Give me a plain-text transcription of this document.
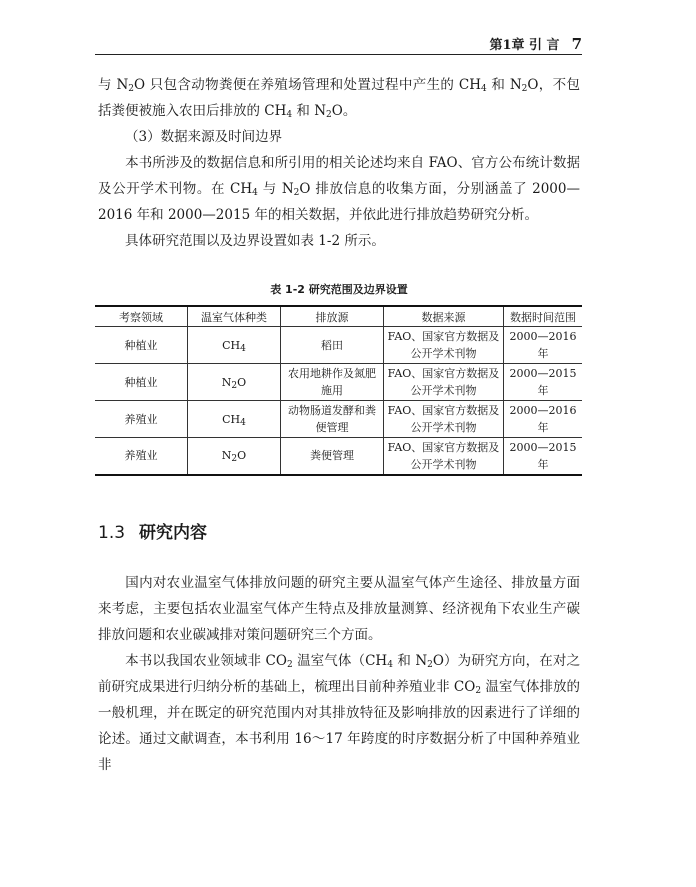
第1章 引 言 7

与 $N_2O$ 只包含动物粪便在养殖场管理和处置过程中产生的 $CH_4$ 和 $N_2O$，不包括粪便被施入农田后排放的 $CH_4$ 和 $N_2O$。

（3）数据来源及时间边界

本书所涉及的数据信息和所引用的相关论述均来自 FAO、官方公布统计数据及公开学术刊物。在 $CH_4$ 与 $N_2O$ 排放信息的收集方面，分别涵盖了 2000—2016 年和 2000—2015 年的相关数据，并依此进行排放趋势研究分析。

具体研究范围以及边界设置如表 1-2 所示。

表 1-2 研究范围及边界设置
考察领域	温室气体种类	排放源	数据来源	数据时间范围
种植业	$CH_4$	稻田	FAO、国家官方数据及公开学术刊物	2000—2016 年
种植业	$N_2O$	农用地耕作及氮肥施用	FAO、国家官方数据及公开学术刊物	2000—2015 年
养殖业	$CH_4$	动物肠道发酵和粪便管理	FAO、国家官方数据及公开学术刊物	2000—2016 年
养殖业	$N_2O$	粪便管理	FAO、国家官方数据及公开学术刊物	2000—2015 年
1.3 研究内容

国内对农业温室气体排放问题的研究主要从温室气体产生途径、排放量方面来考虑，主要包括农业温室气体产生特点及排放量测算、经济视角下农业生产碳排放问题和农业碳减排对策问题研究三个方面。

本书以我国农业领域非 $CO_2$ 温室气体（$CH_4$ 和 $N_2O$）为研究方向，在对之前研究成果进行归纳分析的基础上，梳理出目前种养殖业非 $CO_2$ 温室气体排放的一般机理，并在既定的研究范围内对其排放特征及影响排放的因素进行了详细的论述。通过文献调查，本书利用 16～17 年跨度的时序数据分析了中国种养殖业非
